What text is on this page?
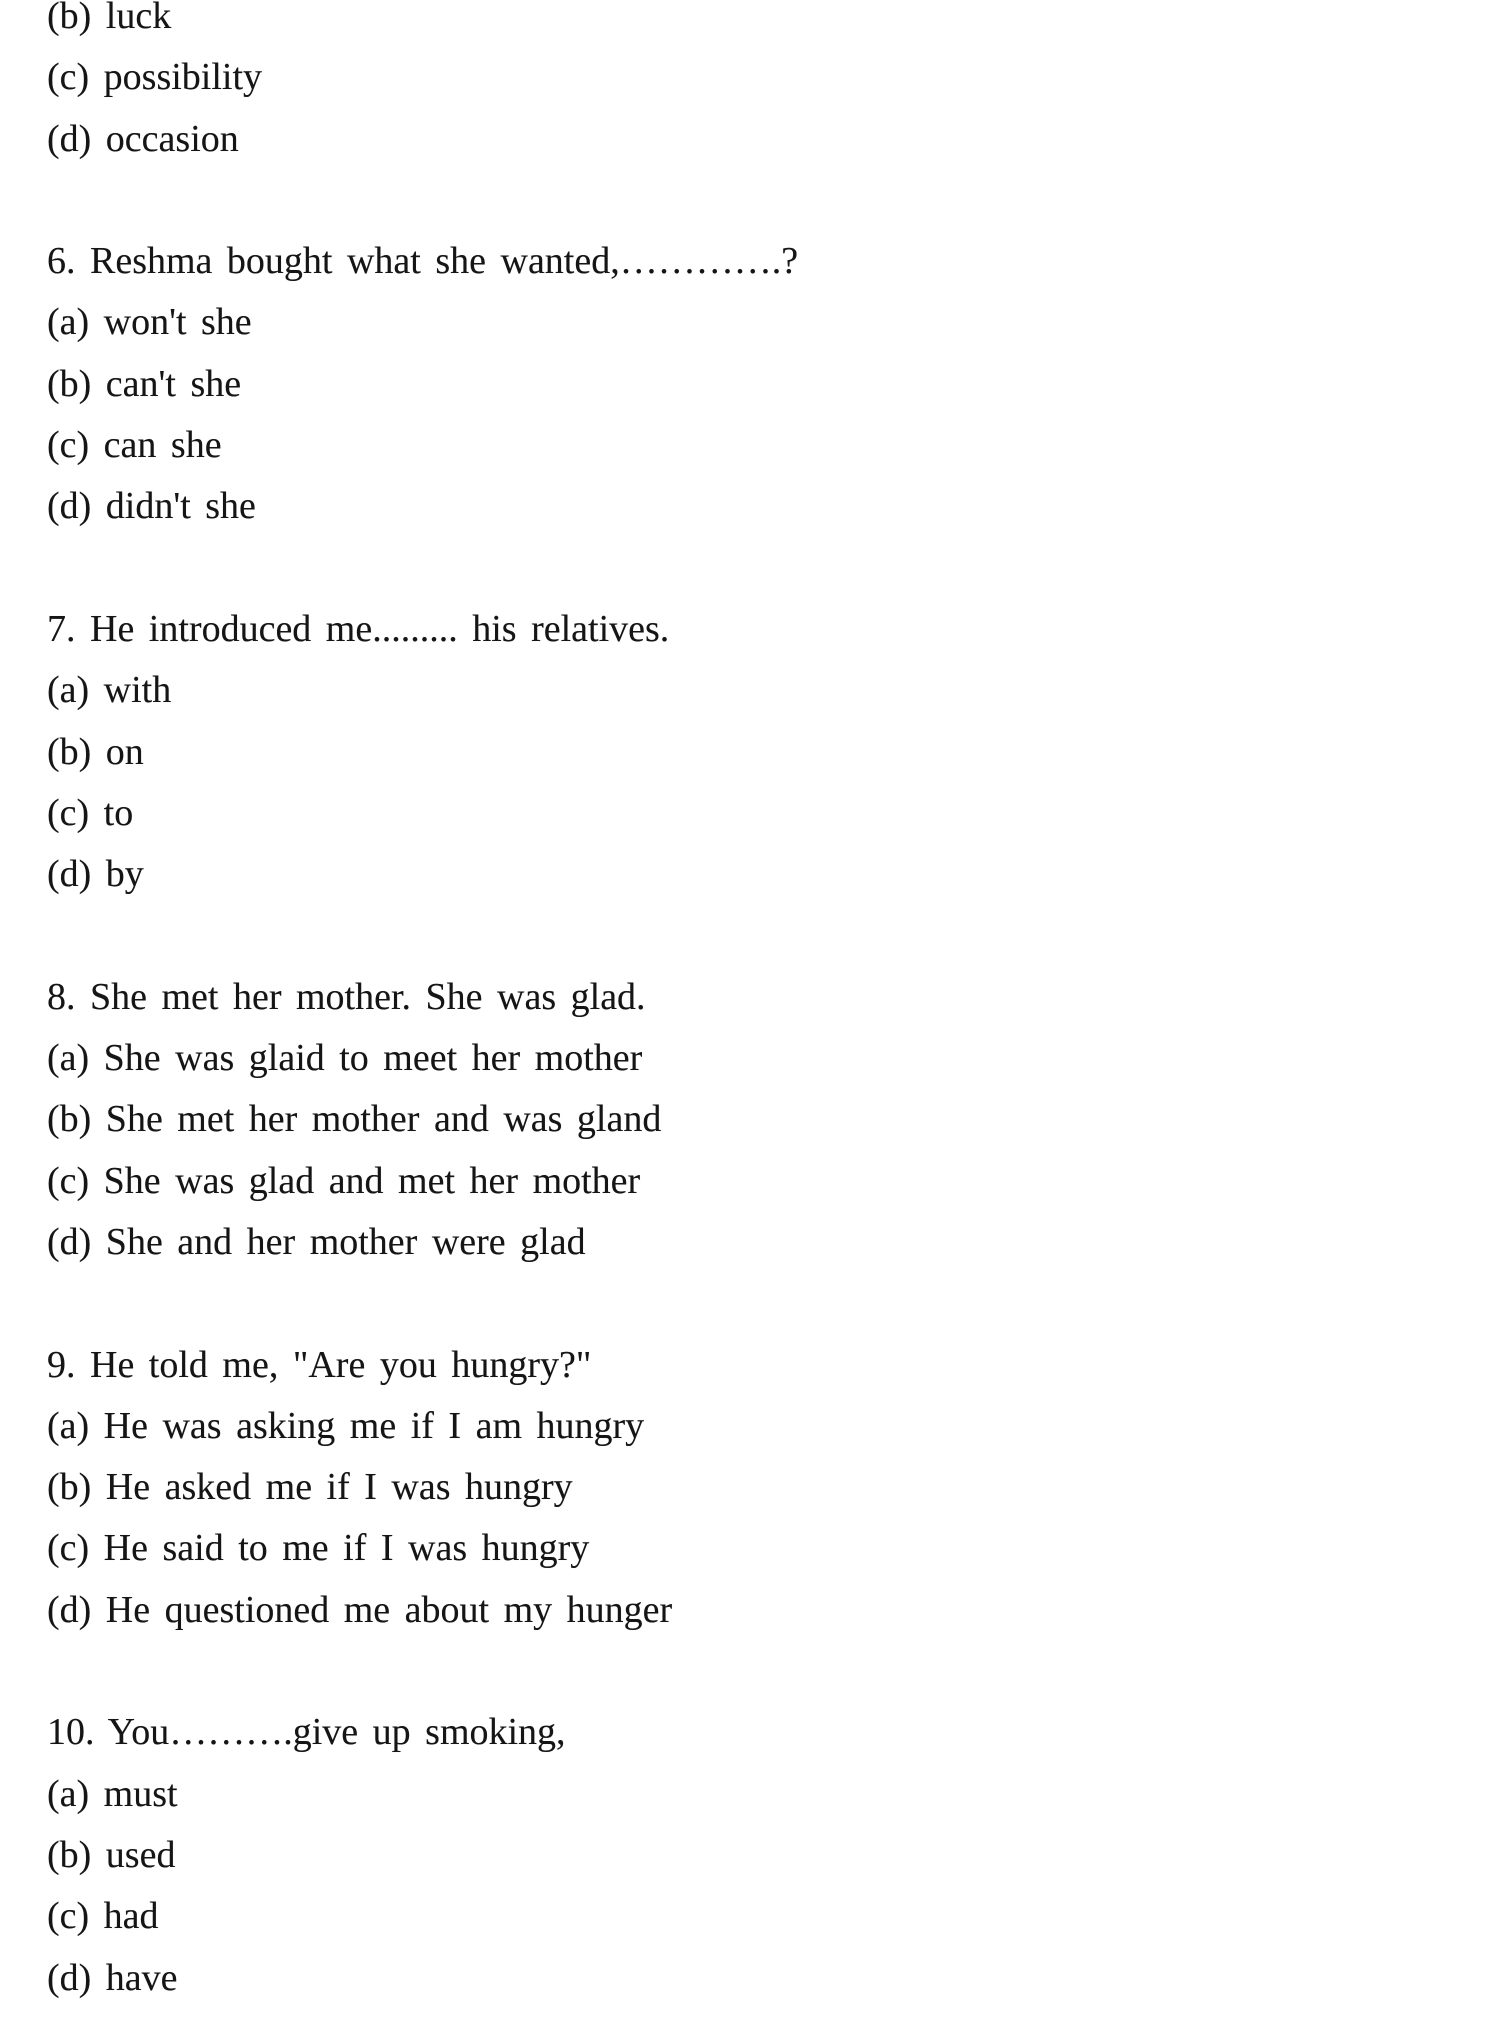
(b) luck
(c) possibility
(d) occasion
6. Reshma bought what she wanted,………….?
(a) won't she
(b) can't she
(c) can she
(d) didn't she
7. He introduced me......... his relatives.
(a) with
(b) on
(c) to
(d) by
8. She met her mother. She was glad.
(a) She was glaid to meet her mother
(b) She met her mother and was gland
(c) She was glad and met her mother
(d) She and her mother were glad
9. He told me, "Are you hungry?"
(a) He was asking me if I am hungry
(b) He asked me if I was hungry
(c) He said to me if I was hungry
(d) He questioned me about my hunger
10. You……….give up smoking,
(a) must
(b) used
(c) had
(d) have
